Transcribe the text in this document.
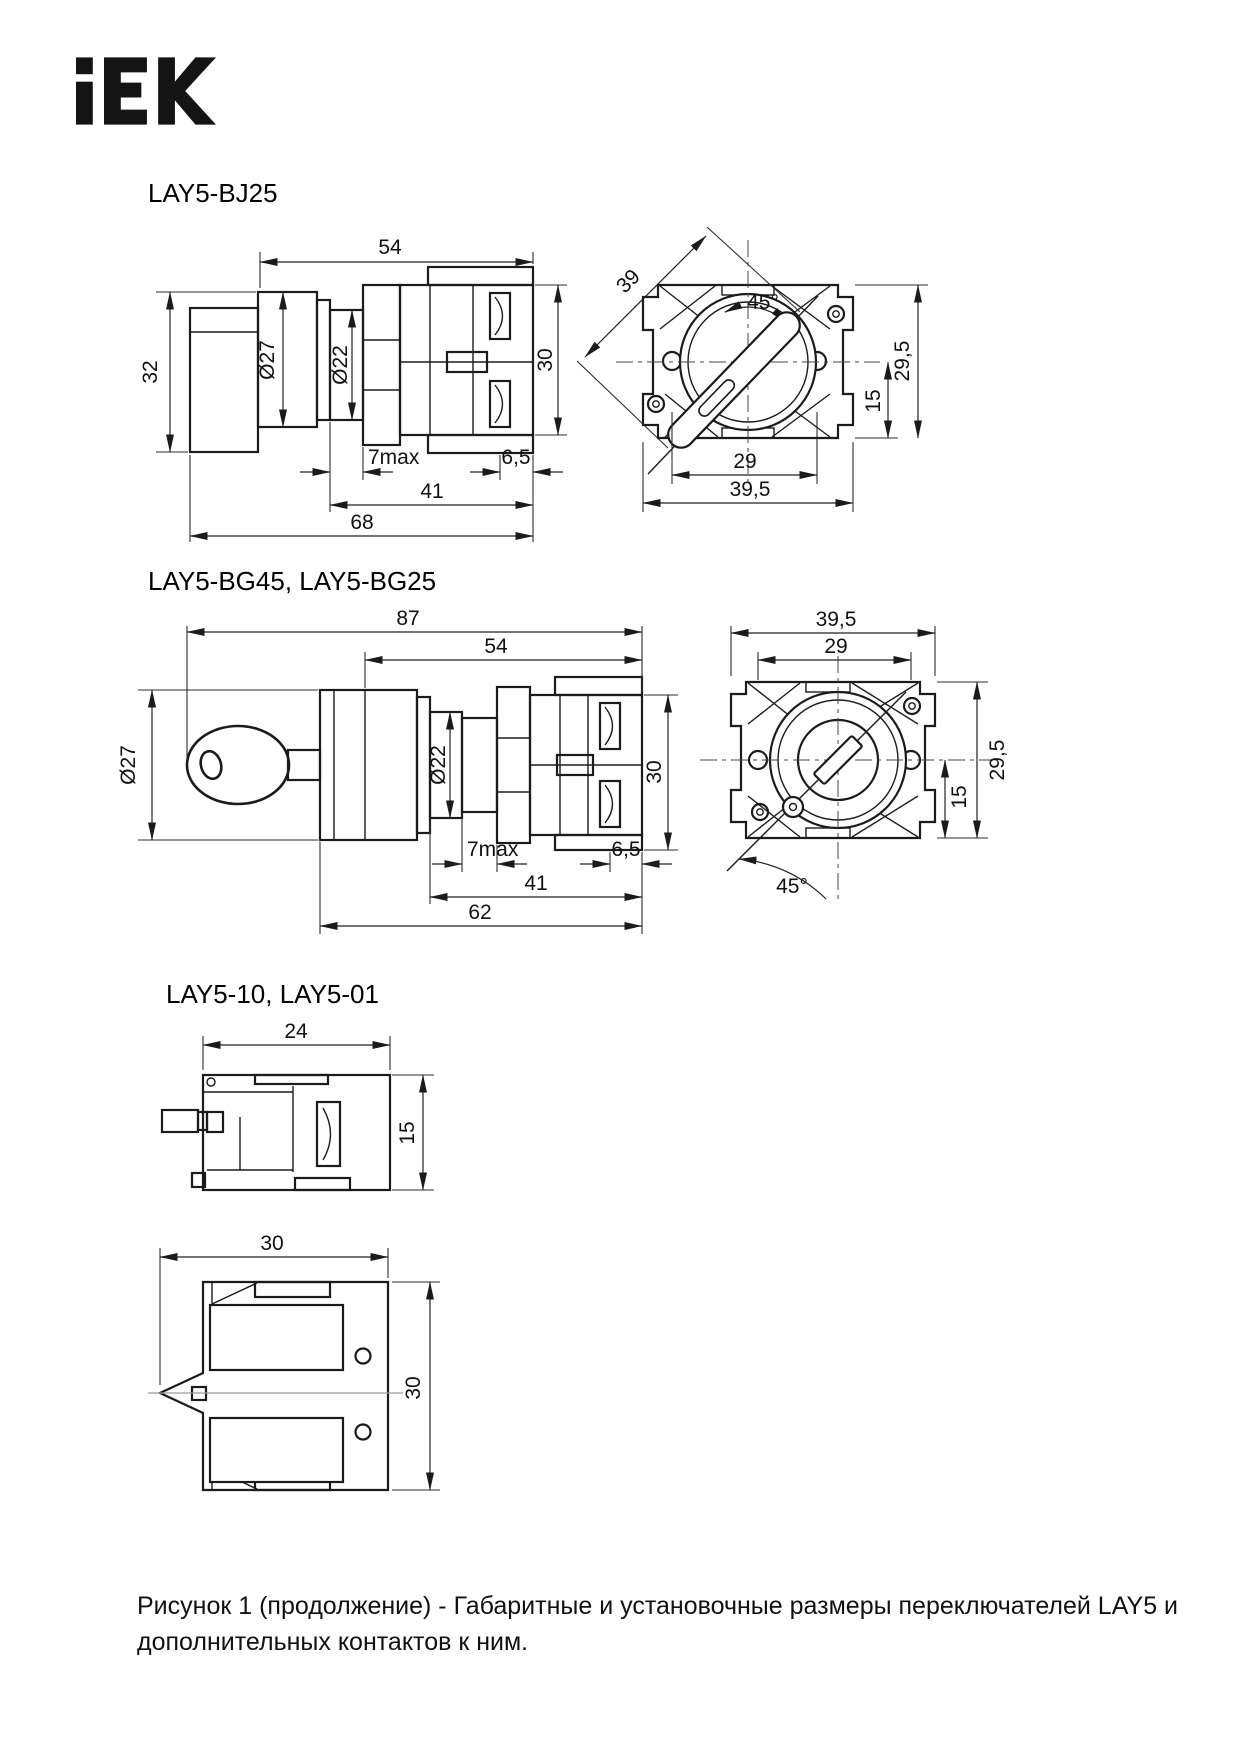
LAY5-BJ25
LAY5-BG45, LAY5-BG25
LAY5-10, LAY5-01
54
32	Ø27 Ø22	30
7max	6,5
41
68
45°
39
15
29,5
29
39,5
87
54
Ø27	Ø22	30
7max	6,5
41
62
45°
39,5
29
29,5
15
24
15
30
30
Рисунок 1 (продолжение) - Габаритные и установочные размеры переключателей LAY5 и
дополнительных контактов к ним.
